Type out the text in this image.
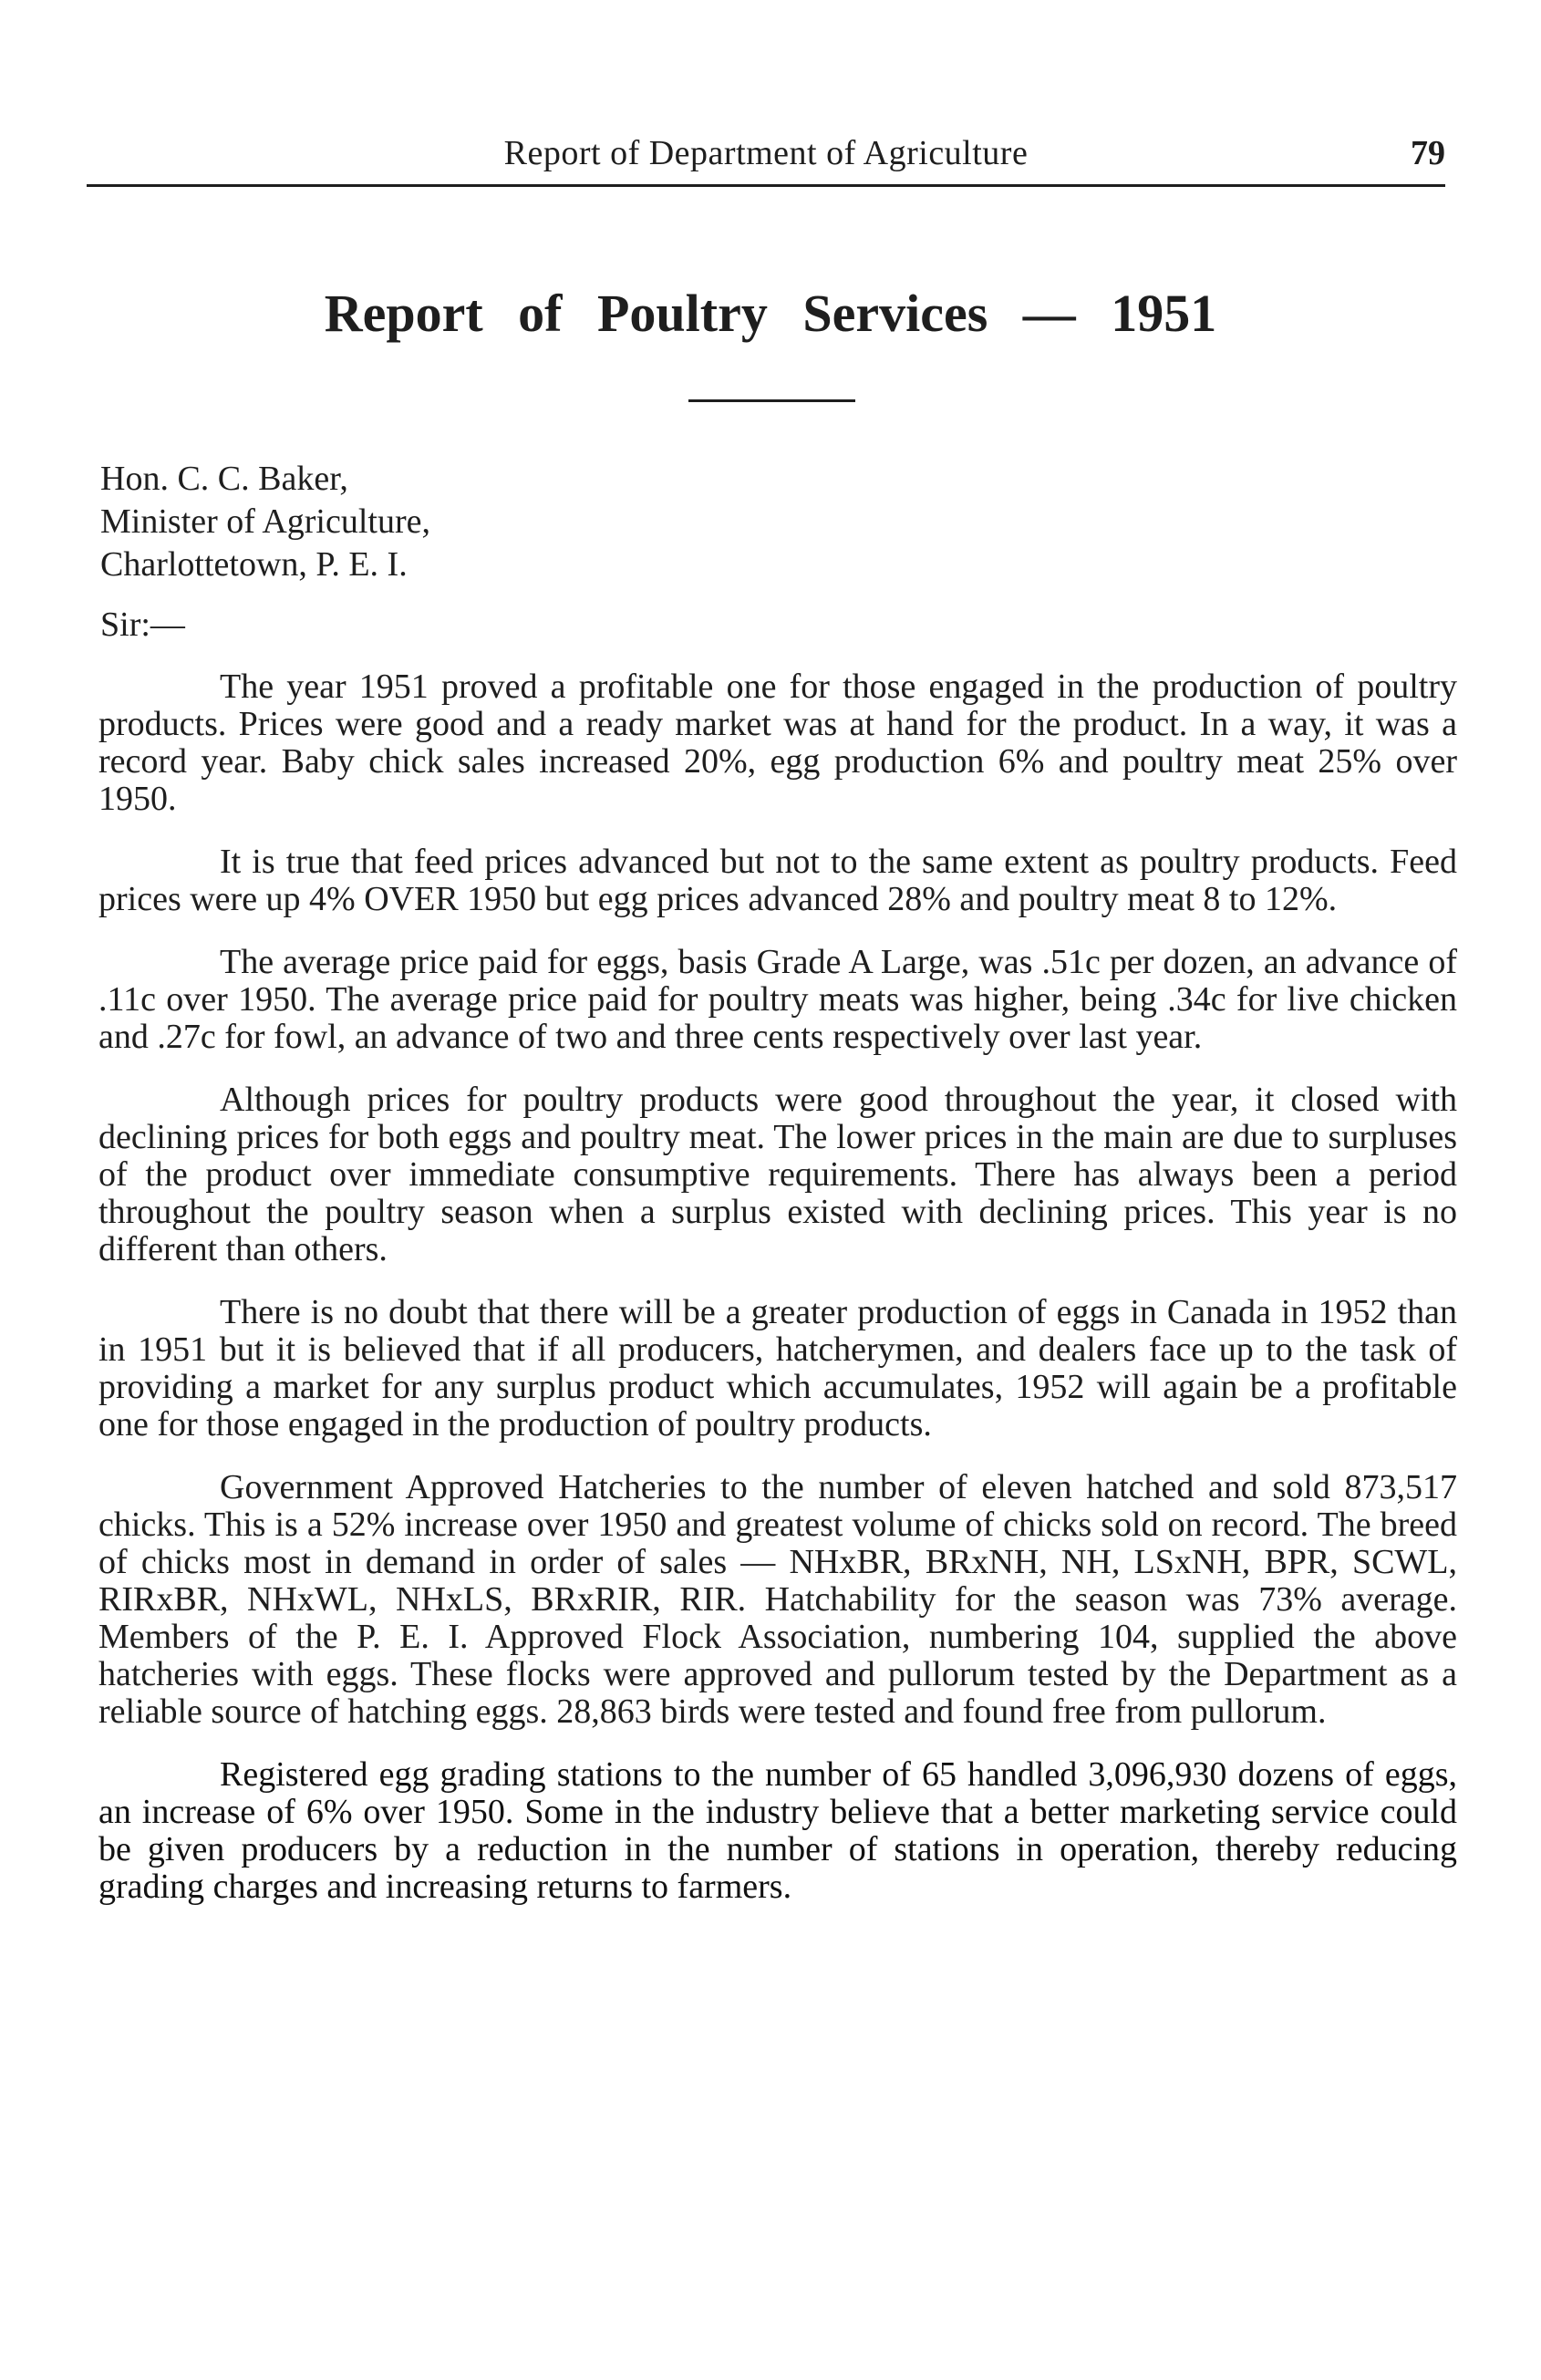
Report of Department of Agriculture	79
Report of Poultry Services — 1951
Hon. C. C. Baker,
Minister of Agriculture,
Charlottetown, P. E. I.
Sir:—

The year 1951 proved a profitable one for those engaged in the production of poultry products. Prices were good and a ready market was at hand for the product. In a way, it was a record year. Baby chick sales increased 20%, egg production 6% and poultry meat 25% over 1950.

It is true that feed prices advanced but not to the same extent as poultry products. Feed prices were up 4% OVER 1950 but egg prices advanced 28% and poultry meat 8 to 12%.

The average price paid for eggs, basis Grade A Large, was .51c per dozen, an advance of .11c over 1950. The average price paid for poultry meats was higher, being .34c for live chicken and .27c for fowl, an advance of two and three cents respectively over last year.

Although prices for poultry products were good throughout the year, it closed with declining prices for both eggs and poultry meat. The lower prices in the main are due to surpluses of the product over immediate consumptive requirements. There has always been a period throughout the poultry season when a surplus existed with declining prices. This year is no different than others.

There is no doubt that there will be a greater production of eggs in Canada in 1952 than in 1951 but it is believed that if all producers, hatcherymen, and dealers face up to the task of providing a market for any surplus product which accumulates, 1952 will again be a profitable one for those engaged in the production of poultry products.

Government Approved Hatcheries to the number of eleven hatched and sold 873,517 chicks. This is a 52% increase over 1950 and greatest volume of chicks sold on record. The breed of chicks most in demand in order of sales — NHxBR, BRxNH, NH, LSxNH, BPR, SCWL, RIRxBR, NHxWL, NHxLS, BRxRIR, RIR. Hatchability for the season was 73% average. Members of the P. E. I. Approved Flock Association, numbering 104, supplied the above hatcheries with eggs. These flocks were approved and pullorum tested by the Department as a reliable source of hatching eggs. 28,863 birds were tested and found free from pullorum.

Registered egg grading stations to the number of 65 handled 3,096,930 dozens of eggs, an increase of 6% over 1950. Some in the industry believe that a better marketing service could be given producers by a reduction in the number of stations in operation, thereby reducing grading charges and increasing returns to farmers.
